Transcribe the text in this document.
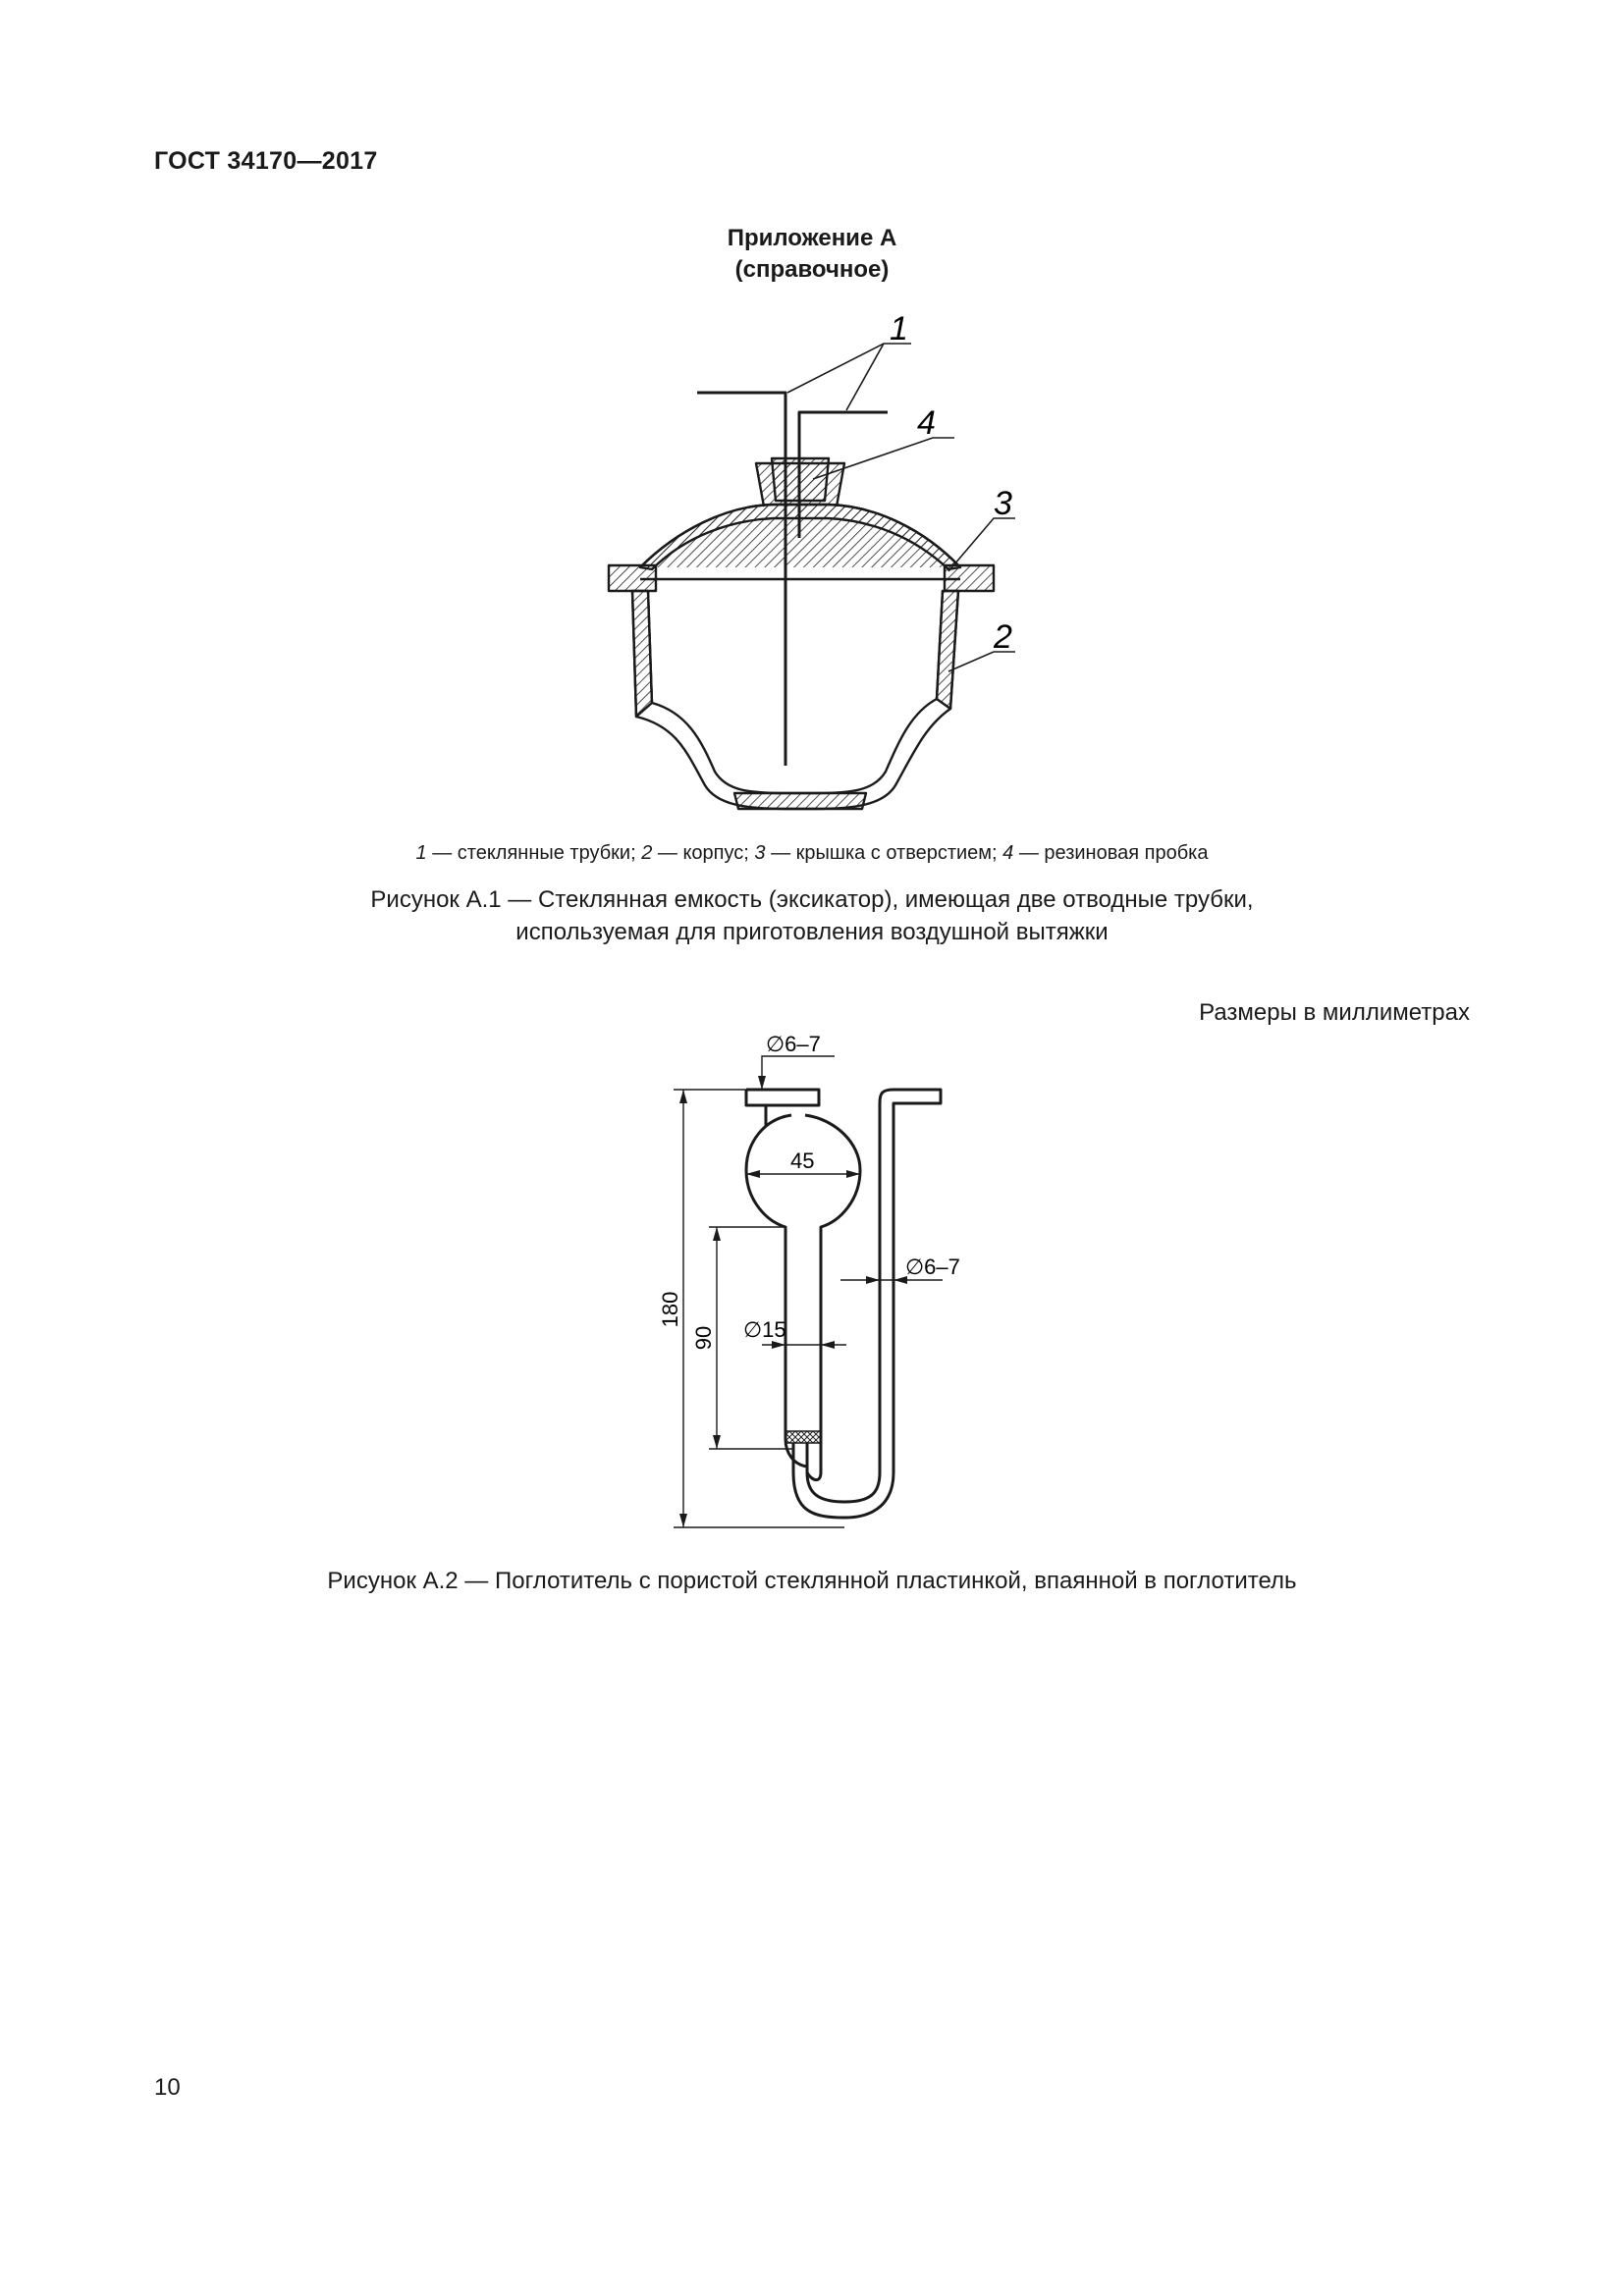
ГОСТ 34170—2017
Приложение А
(справочное)
1
2
3
4
1 — стеклянные трубки; 2 — корпус; 3 — крышка с отверстием; 4 — резиновая пробка
Рисунок А.1 — Стеклянная емкость (эксикатор), имеющая две отводные трубки,
используемая для приготовления воздушной вытяжки
Размеры в миллиметрах
∅6–7
45
∅6–7
∅15
180
90
Рисунок А.2 — Поглотитель с пористой стеклянной пластинкой, впаянной в поглотитель
10
